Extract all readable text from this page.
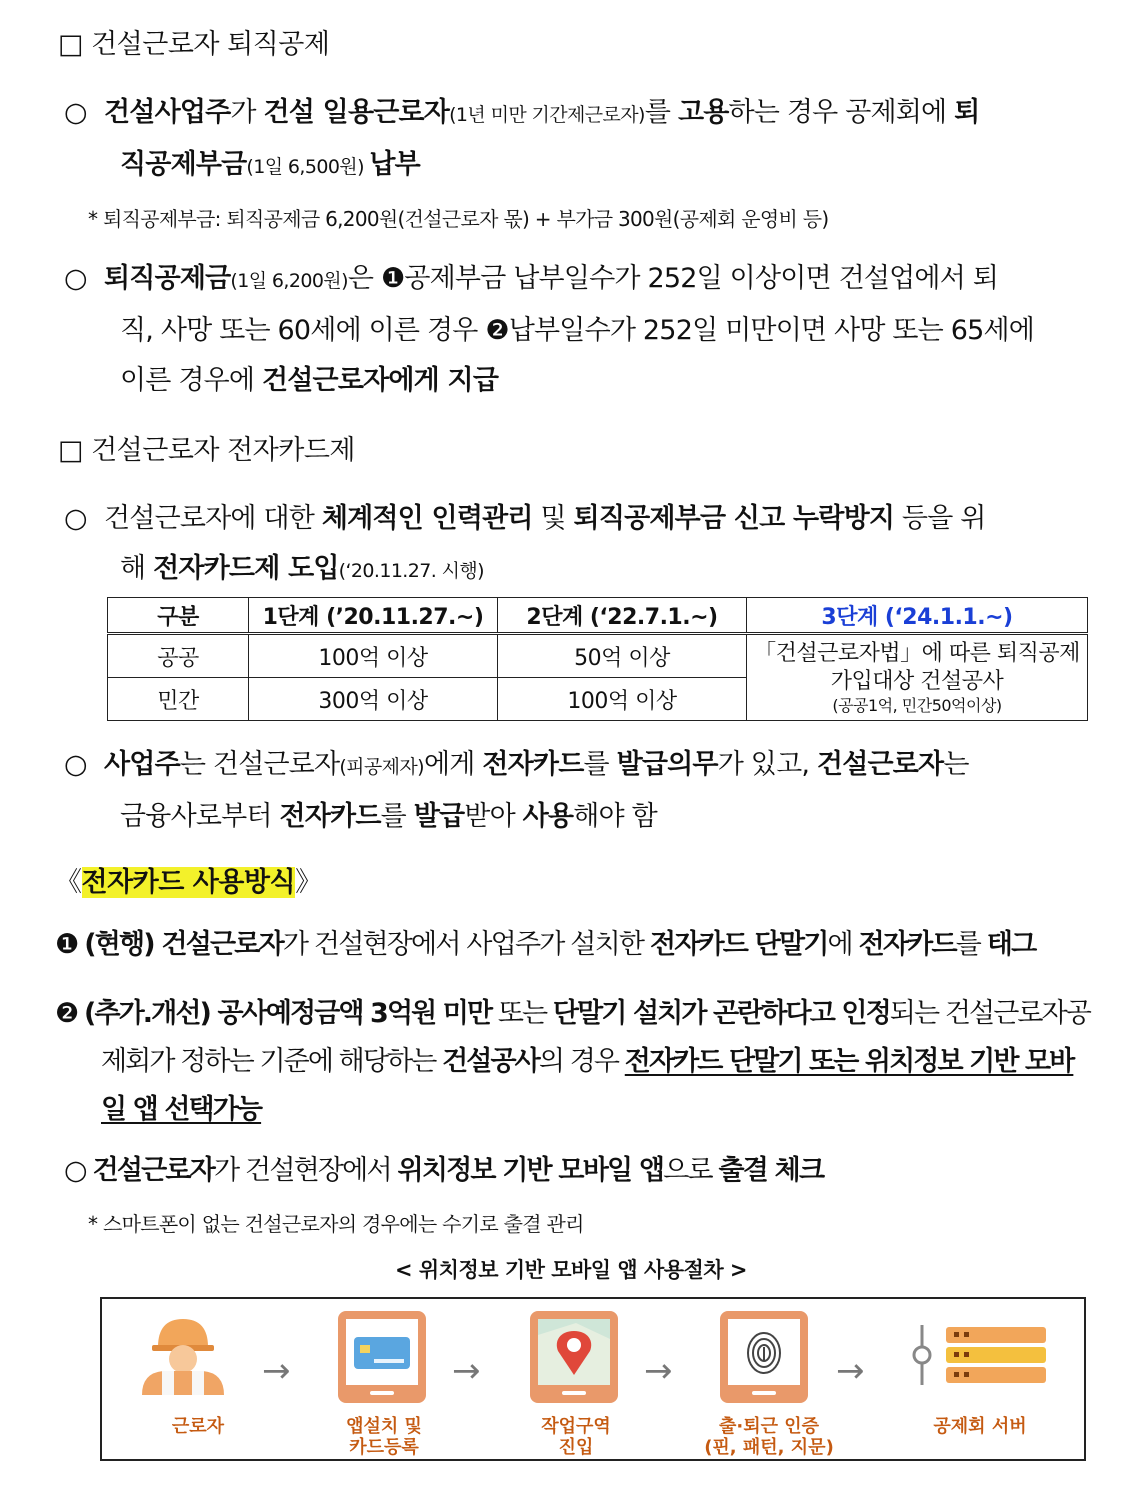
□ 건설근로자 퇴직공제
○ 건설사업주가 건설 일용근로자(1년 미만 기간제근로자)를 고용하는 경우 공제회에 퇴
직공제부금(1일 6,500원) 납부
* 퇴직공제부금: 퇴직공제금 6,200원(건설근로자 몫) + 부가금 300원(공제회 운영비 등)
○ 퇴직공제금(1일 6,200원)은 ❶공제부금 납부일수가 252일 이상이면 건설업에서 퇴
직, 사망 또는 60세에 이른 경우 ❷납부일수가 252일 미만이면 사망 또는 65세에
이른 경우에 건설근로자에게 지급
□ 건설근로자 전자카드제
○ 건설근로자에 대한 체계적인 인력관리 및 퇴직공제부금 신고 누락방지 등을 위
해 전자카드제 도입(‘20.11.27. 시행)
구분	1단계 (’20.11.27.~)	2단계 (‘22.7.1.~)	3단계 (‘24.1.1.~)
공공	100억 이상	50억 이상	「건설근로자법」에 따른 퇴직공제
가입대상 건설공사
(공공1억, 민간50억이상)

민간	300억 이상	100억 이상	
○ 사업주는 건설근로자(피공제자)에게 전자카드를 발급의무가 있고, 건설근로자는
금융사로부터 전자카드를 발급받아 사용해야 함
《전자카드 사용방식》
❶ (현행) 건설근로자가 건설현장에서 사업주가 설치한 전자카드 단말기에 전자카드를 태그
❷ (추가.개선) 공사예정금액 3억원 미만 또는 단말기 설치가 곤란하다고 인정되는 건설근로자공
제회가 정하는 기준에 해당하는 건설공사의 경우 전자카드 단말기 또는 위치정보 기반 모바
일 앱 선택가능
○ 건설근로자가 건설현장에서 위치정보 기반 모바일 앱으로 출결 체크
* 스마트폰이 없는 건설근로자의 경우에는 수기로 출결 관리
< 위치정보 기반 모바일 앱 사용절차 >
→	→	→	→
근로자	앱설치 및
카드등록
작업구역
진입
출·퇴근 인증
(핀, 패턴, 지문)
공제회 서버
